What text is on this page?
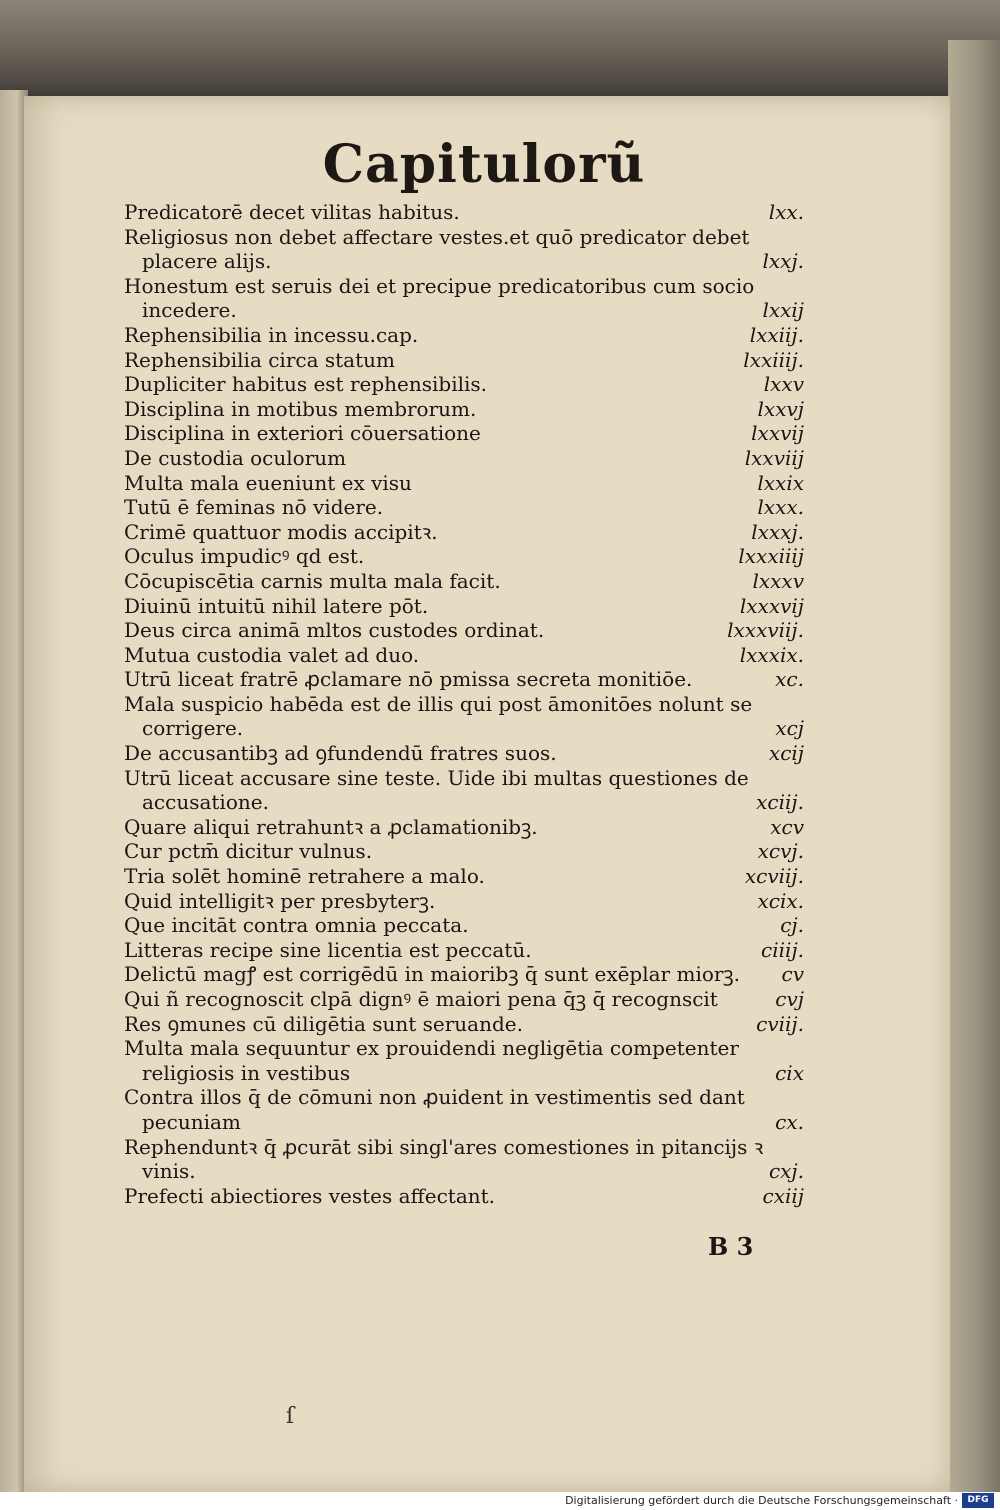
Capitulorũ
Predicatorē decet vilitas habitus.	lxx.
Religiosus non debet affectare vestes.et quō predicator debet
placere alijs.	lxxj.
Honestum est seruis dei et precipue predicatoribus cum socio
incedere.	lxxij
Rephensibilia in incessu.cap.	lxxiij.
Rephensibilia circa statum	lxxiiij.
Dupliciter habitus est rephensibilis.	lxxv
Disciplina in motibus membrorum.	lxxvj
Disciplina in exteriori cōuersatione	lxxvij
De custodia oculorum	lxxviij
Multa mala eueniunt ex visu	lxxix
Tutū ē feminas nō videre.	lxxx.
Crimē quattuor modis accipitꝛ.	lxxxj.
Oculus impudicꝰ qd est.	lxxxiiij
Cōcupiscētia carnis multa mala facit.	lxxxv
Diuinū intuitū nihil latere pōt.	lxxxvij
Deus circa animā mltos custodes ordinat.	lxxxviij.
Mutua custodia valet ad duo.	lxxxix.
Utrū liceat fratrē ꝓclamare nō pmissa secreta monitiōe.	xc.
Mala suspicio habēda est de illis qui post āmonitōes nolunt se
corrigere.	xcj
De accusantibꝫ ad ꝯfundendū fratres suos.	xcij
Utrū liceat accusare sine teste. Uide ibi multas questiones de
accusatione.	xciij.
Quare aliqui retrahuntꝛ a ꝓclamationibꝫ.	xcv
Cur pctm̄ dicitur vulnus.	xcvj.
Tria solēt hominē retrahere a malo.	xcviij.
Quid intelligitꝛ per presbyterꝫ.	xcix.
Que incitāt contra omnia peccata.	cj.
Litteras recipe sine licentia est peccatū.	ciiij.
Delictū magꝭ est corrigēdū in maioribꝫ q̄ sunt exēplar miorꝫ.	cv
Qui ñ recognoscit clpā dignꝰ ē maiori pena q̄ꝫ q̄ recognscit	cvj
Res ꝯmunes cū diligētia sunt seruande.	cviij.
Multa mala sequuntur ex prouidendi negligētia competenter
religiosis in vestibus	cix
Contra illos q̄ de cōmuni non ꝓuident in vestimentis sed dant
pecuniam	cx.
Rephenduntꝛ q̄ ꝓcurāt sibi singl'ares comestiones in pitancijs ꝛ
vinis.	cxj.
Prefecti abiectiores vestes affectant.	cxiij
B 3
ſ
Digitalisierung gefördert durch die Deutsche Forschungsgemeinschaft ·	DFG
